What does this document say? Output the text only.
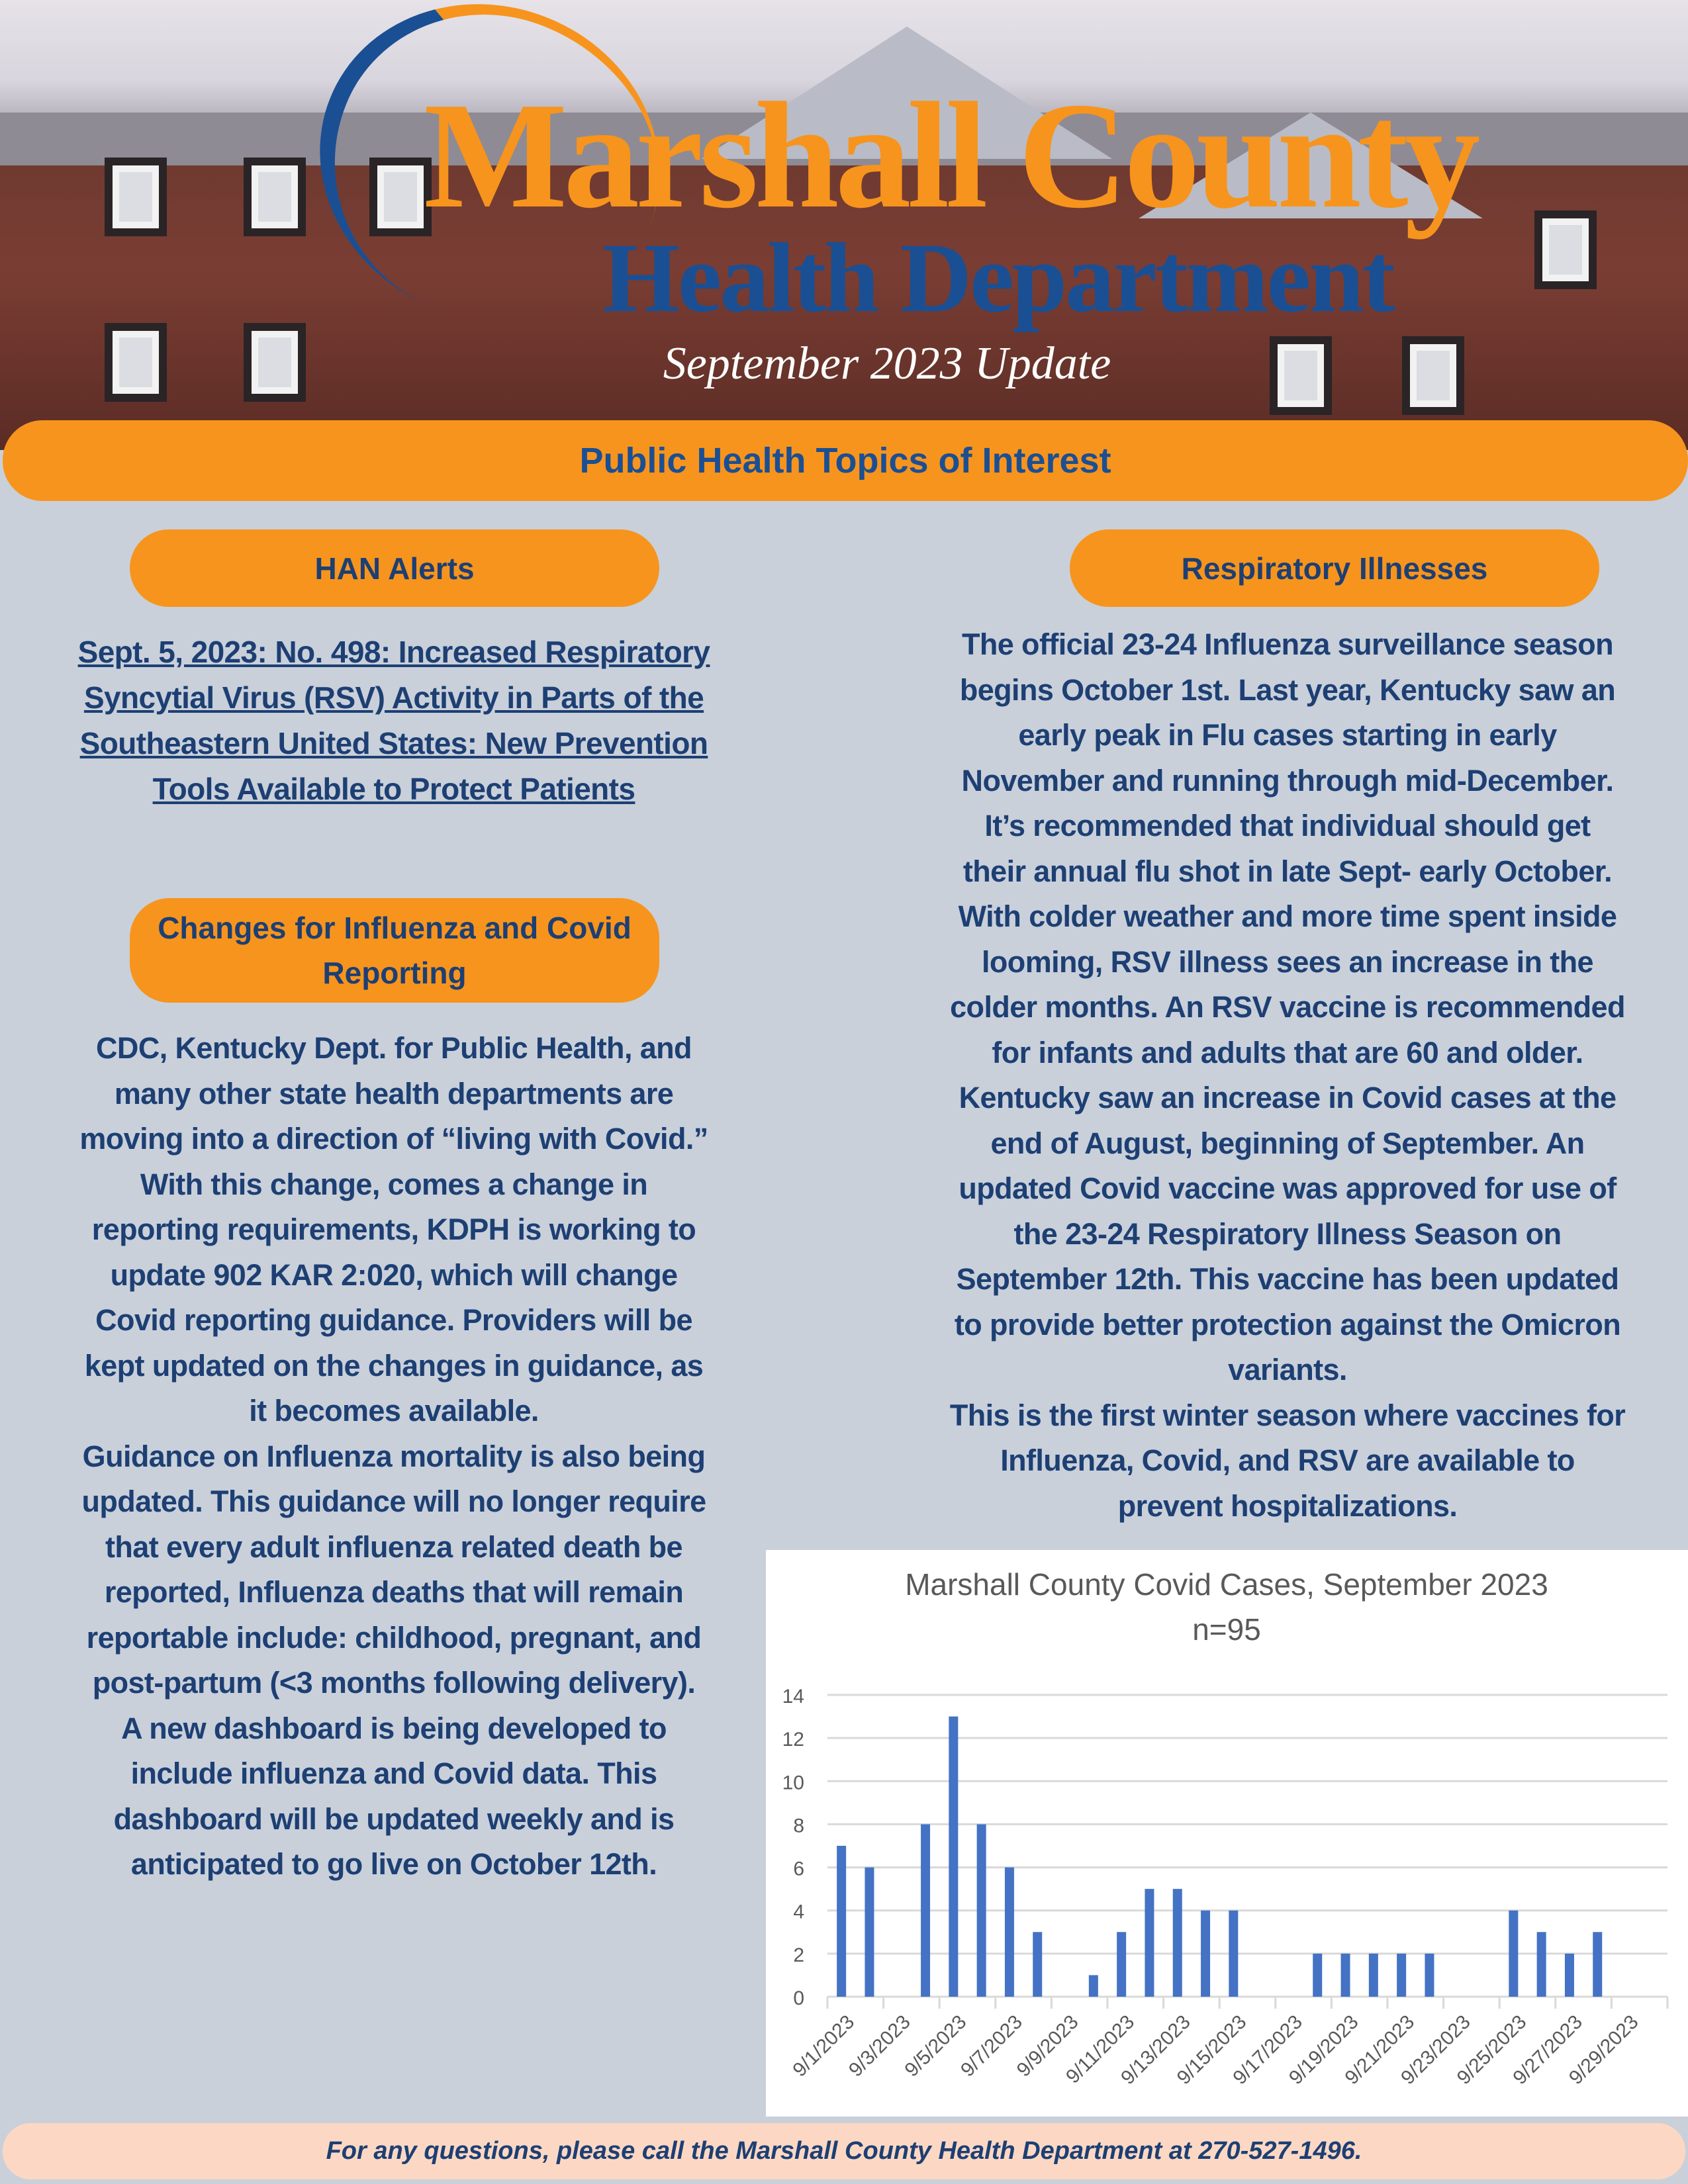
Marshall County
Health Department
September 2023 Update
Public Health Topics of Interest
HAN Alerts
Sept. 5, 2023: No. 498: Increased Respiratory
Syncytial Virus (RSV) Activity in Parts of the
Southeastern United States: New Prevention
Tools Available to Protect Patients
Changes for Influenza and Covid
Reporting
CDC, Kentucky Dept. for Public Health, and
many other state health departments are
moving into a direction of “living with Covid.”
With this change, comes a change in
reporting requirements, KDPH is working to
update 902 KAR 2:020, which will change
Covid reporting guidance. Providers will be
kept updated on the changes in guidance, as
it becomes available.
Guidance on Influenza mortality is also being
updated. This guidance will no longer require
that every adult influenza related death be
reported, Influenza deaths that will remain
reportable include: childhood, pregnant, and
post-partum (<3 months following delivery).
A new dashboard is being developed to
include influenza and Covid data. This
dashboard will be updated weekly and is
anticipated to go live on October 12th.
Respiratory Illnesses
The official 23-24 Influenza surveillance season
begins October 1st. Last year, Kentucky saw an
early peak in Flu cases starting in early
November and running through mid-December.
It’s recommended that individual should get
their annual flu shot in late Sept- early October.
With colder weather and more time spent inside
looming, RSV illness sees an increase in the
colder months. An RSV vaccine is recommended
for infants and adults that are 60 and older.
Kentucky saw an increase in Covid cases at the
end of August, beginning of September. An
updated Covid vaccine was approved for use of
the 23-24 Respiratory Illness Season on
September 12th. This vaccine has been updated
to provide better protection against the Omicron
variants.
This is the first winter season where vaccines for
Influenza, Covid, and RSV are available to
prevent hospitalizations.
Marshall County Covid Cases, September 2023
n=95
0
2
4
6
8
10
12
14
9/1/2023
9/3/2023
9/5/2023
9/7/2023
9/9/2023
9/11/2023
9/13/2023
9/15/2023
9/17/2023
9/19/2023
9/21/2023
9/23/2023
9/25/2023
9/27/2023
9/29/2023
For any questions, please call the Marshall County Health Department at 270-527-1496.
